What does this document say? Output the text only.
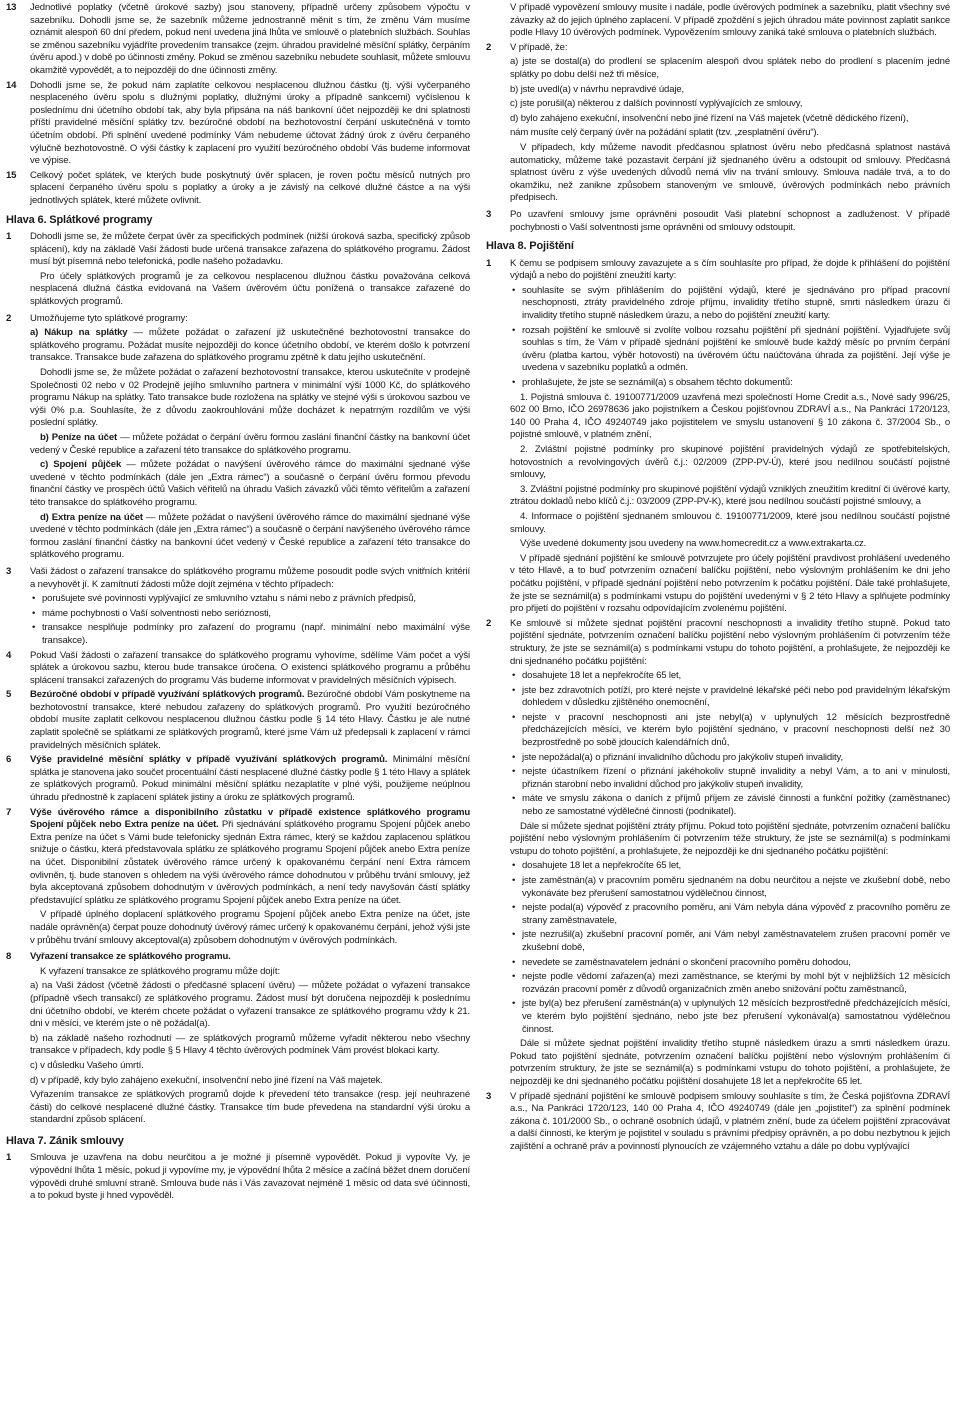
13	Jednotlivé poplatky (včetně úrokové sazby) jsou stanoveny, případně určeny způsobem výpočtu v sazebníku. Dohodli jsme se, že sazebník můžeme jednostranně měnit s tím, že změnu Vám musíme oznámit alespoň 60 dní předem, pokud není uvedena jiná lhůta ve smlouvě o platebních službách. Souhlas se změnou sazebníku vyjádříte provedením transakce (zejm. úhradou pravidelné měsíční splátky, čerpáním úvěru apod.) v době po účinnosti změny. Pokud se změnou sazebníku nebudete souhlasit, můžete smlouvu okamžitě vypovědět, a to nejpozději do dne účinnosti změny.
14	Dohodli jsme se, že pokud nám zaplatíte celkovou nesplacenou dlužnou částku (tj. výši vyčerpaného nesplaceného úvěru spolu s dlužnými poplatky, dlužnými úroky a případně sankcemi) vyčíslenou k poslednímu dni účetního období tak, aby byla připsána na náš bankovní účet nejpozději ke dni splatnosti příští pravidelné měsíční splátky tzv. bezúročné období na bezhotovostní čerpání uskutečněná v tomto účetním období. Při splnění uvedené podmínky Vám nebudeme účtovat žádný úrok z úvěru čerpaného výlučně bezhotovostně. O výši částky k zaplacení pro využití bezúročného období Vás budeme informovat ve výpise.
15	Celkový počet splátek, ve kterých bude poskytnutý úvěr splacen, je roven počtu měsíců nutných pro splacení čerpaného úvěru spolu s poplatky a úroky a je závislý na celkové dlužné částce a na výši jednotlivých splátek, které můžete ovlivnit.
Hlava 6. Splátkové programy
1	Dohodli jsme se, že můžete čerpat úvěr za specifických podmínek (nižší úroková sazba, specifický způsob splácení), kdy na základě Vaší žádosti bude určená transakce zařazena do splátkového programu. Žádost musí být písemná nebo telefonická, podle našeho požadavku.
Pro účely splátkových programů je za celkovou nesplacenou dlužnou částku považována celková nesplacená dlužná částka evidovaná na Vašem úvěrovém účtu ponížená o transakce zařazené do splátkových programů.
2	Umožňujeme tyto splátkové programy:
a) Nákup na splátky — můžete požádat o zařazení již uskutečněné bezhotovostní transakce do splátkového programu. Požádat musíte nejpozději do konce účetního období, ve kterém došlo k potvrzení transakce. Transakce bude zařazena do splátkového programu zpětně k datu jejího uskutečnění.
Dohodli jsme se, že můžete požádat o zařazení bezhotovostní transakce, kterou uskutečníte v prodejně Společnosti 02 nebo v 02 Prodejně jejího smluvního partnera v minimální výši 1000 Kč, do splátkového programu Nákup na splátky. Tato transakce bude rozložena na splátky ve stejné výši s úrokovou sazbou ve výši 0% p.a. Souhlasíte, že z důvodu zaokrouhlování může docházet k nepatrným rozdílům ve výši poslední splátky.
b) Peníze na účet — můžete požádat o čerpání úvěru formou zaslání finanční částky na bankovní účet vedený v České republice a zařazení této transakce do splátkového programu.
c) Spojení půjček — můžete požádat o navýšení úvěrového rámce do maximální sjednané výše uvedené v těchto podmínkách (dále jen „Extra rámec“) a současně o čerpání úvěru formou převodu finanční částky ve prospěch účtů Vašich věřitelů na úhradu Vašich závazků vůči těmto věřitelům a zařazení této transakce do splátkového programu.
d) Extra peníze na účet — můžete požádat o navýšení úvěrového rámce do maximální sjednané výše uvedené v těchto podmínkách (dále jen „Extra rámec“) a současně o čerpání navýšeného úvěrového rámce formou zaslání finanční částky na bankovní účet vedený v České republice a zařazení této transakce do splátkového programu.
3	Vaši žádost o zařazení transakce do splátkového programu můžeme posoudit podle svých vnitřních kritérií a nevyhovět jí. K zamítnutí žádosti může dojít zejména v těchto případech:
• porušujete své povinnosti vyplývající ze smluvního vztahu s námi nebo z právních předpisů,
• máme pochybnosti o Vaší solventnosti nebo serióznosti,
• transakce nesplňuje podmínky pro zařazení do programu (např. minimální nebo maximální výše transakce).
4	Pokud Vaší žádosti o zařazení transakce do splátkového programu vyhovíme, sdělíme Vám počet a výši splátek a úrokovou sazbu, kterou bude transakce úročena. O existenci splátkového programu a průběhu splácení transakcí zařazených do programu Vás budeme informovat v pravidelných měsíčních výpisech.
5	Bezúročné období v případě využívání splátkových programů. Bezúročné období Vám poskytneme na bezhotovostní transakce, které nebudou zařazeny do splátkových programů. Pro využití bezúročného období musíte zaplatit celkovou nesplacenou dlužnou částku podle § 14 této Hlavy. Částku je ale nutné zaplatit společně se splátkami ze splátkových programů, které jsme Vám už předepsali k zaplacení v rámci pravidelných měsíčních splátek.
6	Výše pravidelné měsíční splátky v případě využívání splátkových programů. Minimální měsíční splátka je stanovena jako součet procentuální části nesplacené dlužné částky podle § 1 této Hlavy a splátek ze splátkových programů. Pokud minimální měsíční splátku nezaplatíte v plné výši, použijeme neúplnou úhradu přednostně k zaplacení splátek jistiny a úroku ze splátkových programů.
7	Výše úvěrového rámce a disponibilního zůstatku v případě existence splátkového programu Spojení půjček nebo Extra peníze na účet. Při sjednávání splátkového programu Spojení půjček anebo Extra peníze na účet s Vámi bude telefonicky sjednán Extra rámec, který se každou zaplacenou splátkou snižuje o částku, která představovala splátku ze splátkového programu Spojení půjček anebo Extra peníze na účet. Disponibilní zůstatek úvěrového rámce určený k opakovanému čerpání není Extra rámcem ovlivněn, tj. bude stanoven s ohledem na výši úvěrového rámce dohodnutou v průběhu trvání smlouvy, jež byla akceptovaná způsobem dohodnutým v úvěrových podmínkách, a není tedy navyšován částí splátky představující splátku ze splátkového programu Spojení půjček anebo Extra peníze na účet.
V případě úplného doplacení splátkového programu Spojení půjček anebo Extra peníze na účet, jste nadále oprávněn(a) čerpat pouze dohodnutý úvěrový rámec určený k opakovanému čerpání, jehož výši jste v průběhu trvání smlouvy akceptoval(a) způsobem dohodnutým v úvěrových podmínkách.
8	Vyřazení transakce ze splátkového programu.
K vyřazení transakce ze splátkového programu může dojít:
a) na Vaši žádost (včetně žádosti o předčasné splacení úvěru) — můžete požádat o vyřazení transakce (případně všech transakcí) ze splátkového programu. Žádost musí být doručena nejpozději k poslednímu dni účetního období, ve kterém chcete požádat o vyřazení transakce ze splátkového programu vždy k 21. dni v měsíci, ve kterém jste o ně požádal(a).
b) na základě našeho rozhodnutí — ze splátkových programů můžeme vyřadit některou nebo všechny transakce v případech, kdy podle § 5 Hlavy 4 těchto úvěrových podmínek Vám provést blokaci karty.
c) v důsledku Vašeho úmrtí.
d) v případě, kdy bylo zahájeno exekuční, insolvenční nebo jiné řízení na Váš majetek.
Vyřazením transakce ze splátkových programů dojde k převedení této transakce (resp. její neuhrazené části) do celkové nesplacené dlužné částky. Transakce tím bude převedena na standardní výši úroku a standardní způsob splácení.
Hlava 7. Zánik smlouvy
1	Smlouva je uzavřena na dobu neurčitou a je možné ji písemně vypovědět. Pokud ji vypovíte Vy, je výpovědní lhůta 1 měsíc, pokud ji vypovíme my, je výpovědní lhůta 2 měsíce a začíná běžet dnem doručení výpovědi druhé smluvní straně. Smlouva bude nás i Vás zavazovat nejméně 1 měsíc od data své účinnosti, a to pokud byste ji hned vypověděl.
V případě vypovězení smlouvy musíte i nadále, podle úvěrových podmínek a sazebníku, platit všechny své závazky až do jejich úplného zaplacení. V případě zpoždění s jejich úhradou máte povinnost zaplatit sankce podle Hlavy 10 úvěrových podmínek. Vypovězením smlouvy zaniká také smlouva o platebních službách.
2	V případě, že:
a) jste se dostal(a) do prodlení se splacením alespoň dvou splátek nebo do prodlení s placením jedné splátky po dobu delší než tři měsíce,
b) jste uvedl(a) v návrhu nepravdivé údaje,
c) jste porušil(a) některou z dalších povinností vyplývajících ze smlouvy,
d) bylo zahájeno exekuční, insolvenční nebo jiné řízení na Váš majetek (včetně dědického řízení),
nám musíte celý čerpaný úvěr na požádání splatit (tzv. „zesplatnění úvěru“).
V případech, kdy můžeme navodit předčasnou splatnost úvěru nebo předčasná splatnost nastává automaticky, můžeme také pozastavit čerpání již sjednaného úvěru a odstoupit od smlouvy. Předčasná splatnost úvěru z výše uvedených důvodů nemá vliv na trvání smlouvy. Smlouva nadále trvá, a to do okamžiku, než zanikne způsobem stanoveným ve smlouvě, úvěrových podmínkách nebo právních předpisech.
3	Po uzavření smlouvy jsme oprávněni posoudit Vaši platební schopnost a zadluženost. V případě pochybnosti o Vaší solventnosti jsme oprávněni od smlouvy odstoupit.
Hlava 8. Pojištění
1	K čemu se podpisem smlouvy zavazujete a s čím souhlasíte pro případ, že dojde k přihlášení do pojištění výdajů a nebo do pojištění zneužití karty:
• souhlasíte se svým přihlášením do pojištění výdajů, které je sjednáváno pro případ pracovní neschopnosti, ztráty pravidelného zdroje příjmu, invalidity třetího stupně, smrti následkem úrazu či invalidity třetího stupně následkem úrazu, a nebo do pojištění zneužití karty.
• rozsah pojištění ke smlouvě si zvolíte volbou rozsahu pojištění při sjednání pojištění. Vyjadřujete svůj souhlas s tím, že Vám v případě sjednání pojištění ke smlouvě bude každý měsíc po prvním čerpání úvěru (platba kartou, výběr hotovosti) na úvěrovém účtu naúčtována úhrada za pojištění. Její výše je uvedena v sazebníku poplatků a odměn.
• prohlašujete, že jste se seznámil(a) s obsahem těchto dokumentů:
1. Pojistná smlouva č. 19100771/2009 uzavřená mezi společností Home Credit a.s., Nové sady 996/25, 602 00 Brno, IČO 26978636 jako pojistníkem a Českou pojišťovnou ZDRAVÍ a.s., Na Pankráci 1720/123, 140 00 Praha 4, IČO 49240749 jako pojistitelem ve smyslu ustanovení § 10 zákona č. 37/2004 Sb., o pojistné smlouvě, v platném znění,
2. Zvláštní pojistné podmínky pro skupinové pojištění pravidelných výdajů ze spotřebitelských, hotovostních a revolvingových úvěrů č.j.: 02/2009 (ZPP-PV-Ú), které jsou nedílnou součástí pojistné smlouvy,
3. Zvláštní pojistné podmínky pro skupinové pojištění výdajů vzniklých zneužitím kreditní či úvěrové karty, ztrátou dokladů nebo klíčů č.j.: 03/2009 (ZPP-PV-K), které jsou nedílnou součástí pojistné smlouvy, a
4. Informace o pojištění sjednaném smlouvou č. 19100771/2009, které jsou nedílnou součástí pojistné smlouvy.
Výše uvedené dokumenty jsou uvedeny na www.homecredit.cz a www.extrakarta.cz.
V případě sjednání pojištění ke smlouvě potvrzujete pro účely pojištění pravdivost prohlášení uvedeného v této Hlavě, a to buď potvrzením označení balíčku pojištění, nebo výslovným prohlášením ke dni jeho počátku pojištění, v případě sjednání pojištění nebo potvrzením k počátku pojištění. Dále také prohlašujete, že jste se seznámil(a) s podmínkami vstupu do pojištění uvedenými v § 2 této Hlavy a splňujete podmínky pro přijetí do pojištění v rozsahu odpovídajícím zvolenému pojištění.
2	Ke smlouvě si můžete sjednat pojištění pracovní neschopnosti a invalidity třetího stupně. Pokud tato pojištění sjednáte, potvrzením označení balíčku pojištění nebo výslovným prohlášením či potvrzením téže struktury, že jste se seznámil(a) s podmínkami vstupu do tohoto pojištění, a prohlašujete, že nejpozději ke dni sjednaného počátku pojištění:
• dosahujete 18 let a nepřekročíte 65 let,
• jste bez zdravotních potíží, pro které nejste v pravidelné lékařské péči nebo pod pravidelným lékařským dohledem v důsledku zjištěného onemocnění,
• nejste v pracovní neschopnosti ani jste nebyl(a) v uplynulých 12 měsících bezprostředně předcházejících měsíci, ve kterém bylo pojištění sjednáno, v pracovní neschopnosti delší než 30 bezprostředně po sobě jdoucích kalendářních dnů,
• jste nepožádal(a) o přiznání invalidního důchodu pro jakýkoliv stupeň invalidity,
• nejste účastníkem řízení o přiznání jakéhokoliv stupně invalidity a nebyl Vám, a to ani v minulosti, přiznán starobní nebo invalidní důchod pro jakýkoliv stupeň invalidity,
• máte ve smyslu zákona o daních z příjmů příjem ze závislé činnosti a funkční požitky (zaměstnanec) nebo ze samostatné výdělečné činnosti (podnikatel).
Dále si můžete sjednat pojištění ztráty příjmu. Pokud toto pojištění sjednáte, potvrzením označení balíčku pojištění nebo výslovným prohlášením či potvrzením téže struktury, že jste se seznámil(a) s podmínkami vstupu do tohoto pojištění, a prohlašujete, že nejpozději ke dni sjednaného počátku pojištění:
• dosahujete 18 let a nepřekročíte 65 let,
• jste zaměstnán(a) v pracovním poměru sjednaném na dobu neurčitou a nejste ve zkušební době, nebo vykonáváte bez přerušení samostatnou výdělečnou činnost,
• nejste podal(a) výpověď z pracovního poměru, ani Vám nebyla dána výpověď z pracovního poměru ze strany zaměstnavatele,
• jste nezrušil(a) zkušební pracovní poměr, ani Vám nebyl zaměstnavatelem zrušen pracovní poměr ve zkušební době,
• nevedete se zaměstnavatelem jednání o skončení pracovního poměru dohodou,
• nejste podle vědomí zařazen(a) mezi zaměstnance, se kterými by mohl být v nejbližších 12 měsících rozvázán pracovní poměr z důvodů organizačních změn anebo snižování počtu zaměstnanců,
• jste byl(a) bez přerušení zaměstnán(a) v uplynulých 12 měsících bezprostředně předcházejících měsíci, ve kterém bylo pojištění sjednáno, nebo jste bez přerušení vykonával(a) samostatnou výdělečnou činnost.
Dále si můžete sjednat pojištění invalidity třetího stupně následkem úrazu a smrti následkem úrazu. Pokud tato pojištění sjednáte, potvrzením označení balíčku pojištění nebo výslovným prohlášením či potvrzením struktury, že jste se seznámil(a) s podmínkami vstupu do tohoto pojištění, a prohlašujete, že nejpozději ke dni sjednaného počátku pojištění dosahujete 18 let a nepřekročíte 65 let.
3	V případě sjednání pojištění ke smlouvě podpisem smlouvy souhlasíte s tím, že Česká pojišťovna ZDRAVÍ a.s., Na Pankráci 1720/123, 140 00 Praha 4, IČO 49240749 (dále jen „pojistitel“) za splnění podmínek zákona č. 101/2000 Sb., o ochraně osobních údajů, v platném znění, bude za účelem pojištění zpracovávat a další činnosti, ke kterým je pojistitel v souladu s právními předpisy oprávněn, a po dobu nezbytnou k jejich zajištění a ochraně práv a povinností plynoucích ze vzájemného vztahu a dále po dobu vyplývající
